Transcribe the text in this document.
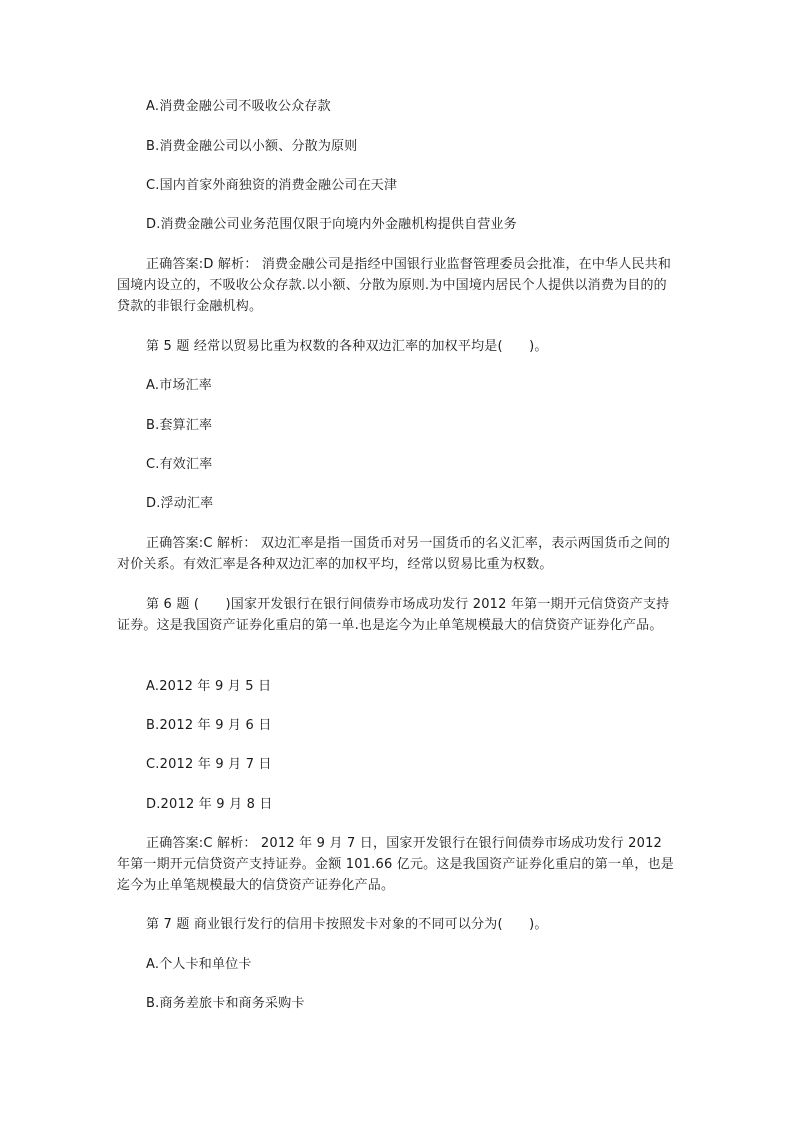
A.消费金融公司不吸收公众存款

B.消费金融公司以小额、分散为原则

C.国内首家外商独资的消费金融公司在天津

D.消费金融公司业务范围仅限于向境内外金融机构提供自营业务

正确答案:D 解析： 消费金融公司是指经中国银行业监督管理委员会批准，在中华人民共和国境内设立的，不吸收公众存款.以小额、分散为原则.为中国境内居民个人提供以消费为目的的贷款的非银行金融机构。

第 5 题 经常以贸易比重为权数的各种双边汇率的加权平均是(　　)。

A.市场汇率

B.套算汇率

C.有效汇率

D.浮动汇率

正确答案:C 解析： 双边汇率是指一国货币对另一国货币的名义汇率，表示两国货币之间的对价关系。有效汇率是各种双边汇率的加权平均，经常以贸易比重为权数。

第 6 题 (　　)国家开发银行在银行间债券市场成功发行 2012 年第一期开元信贷资产支持证券。这是我国资产证券化重启的第一单.也是迄今为止单笔规模最大的信贷资产证券化产品。

A.2012 年 9 月 5 日

B.2012 年 9 月 6 日

C.2012 年 9 月 7 日

D.2012 年 9 月 8 日

正确答案:C 解析： 2012 年 9 月 7 日，国家开发银行在银行间债券市场成功发行 2012 年第一期开元信贷资产支持证券。金额 101.66 亿元。这是我国资产证券化重启的第一单，也是迄今为止单笔规模最大的信贷资产证券化产品。

第 7 题 商业银行发行的信用卡按照发卡对象的不同可以分为(　　)。

A.个人卡和单位卡

B.商务差旅卡和商务采购卡
